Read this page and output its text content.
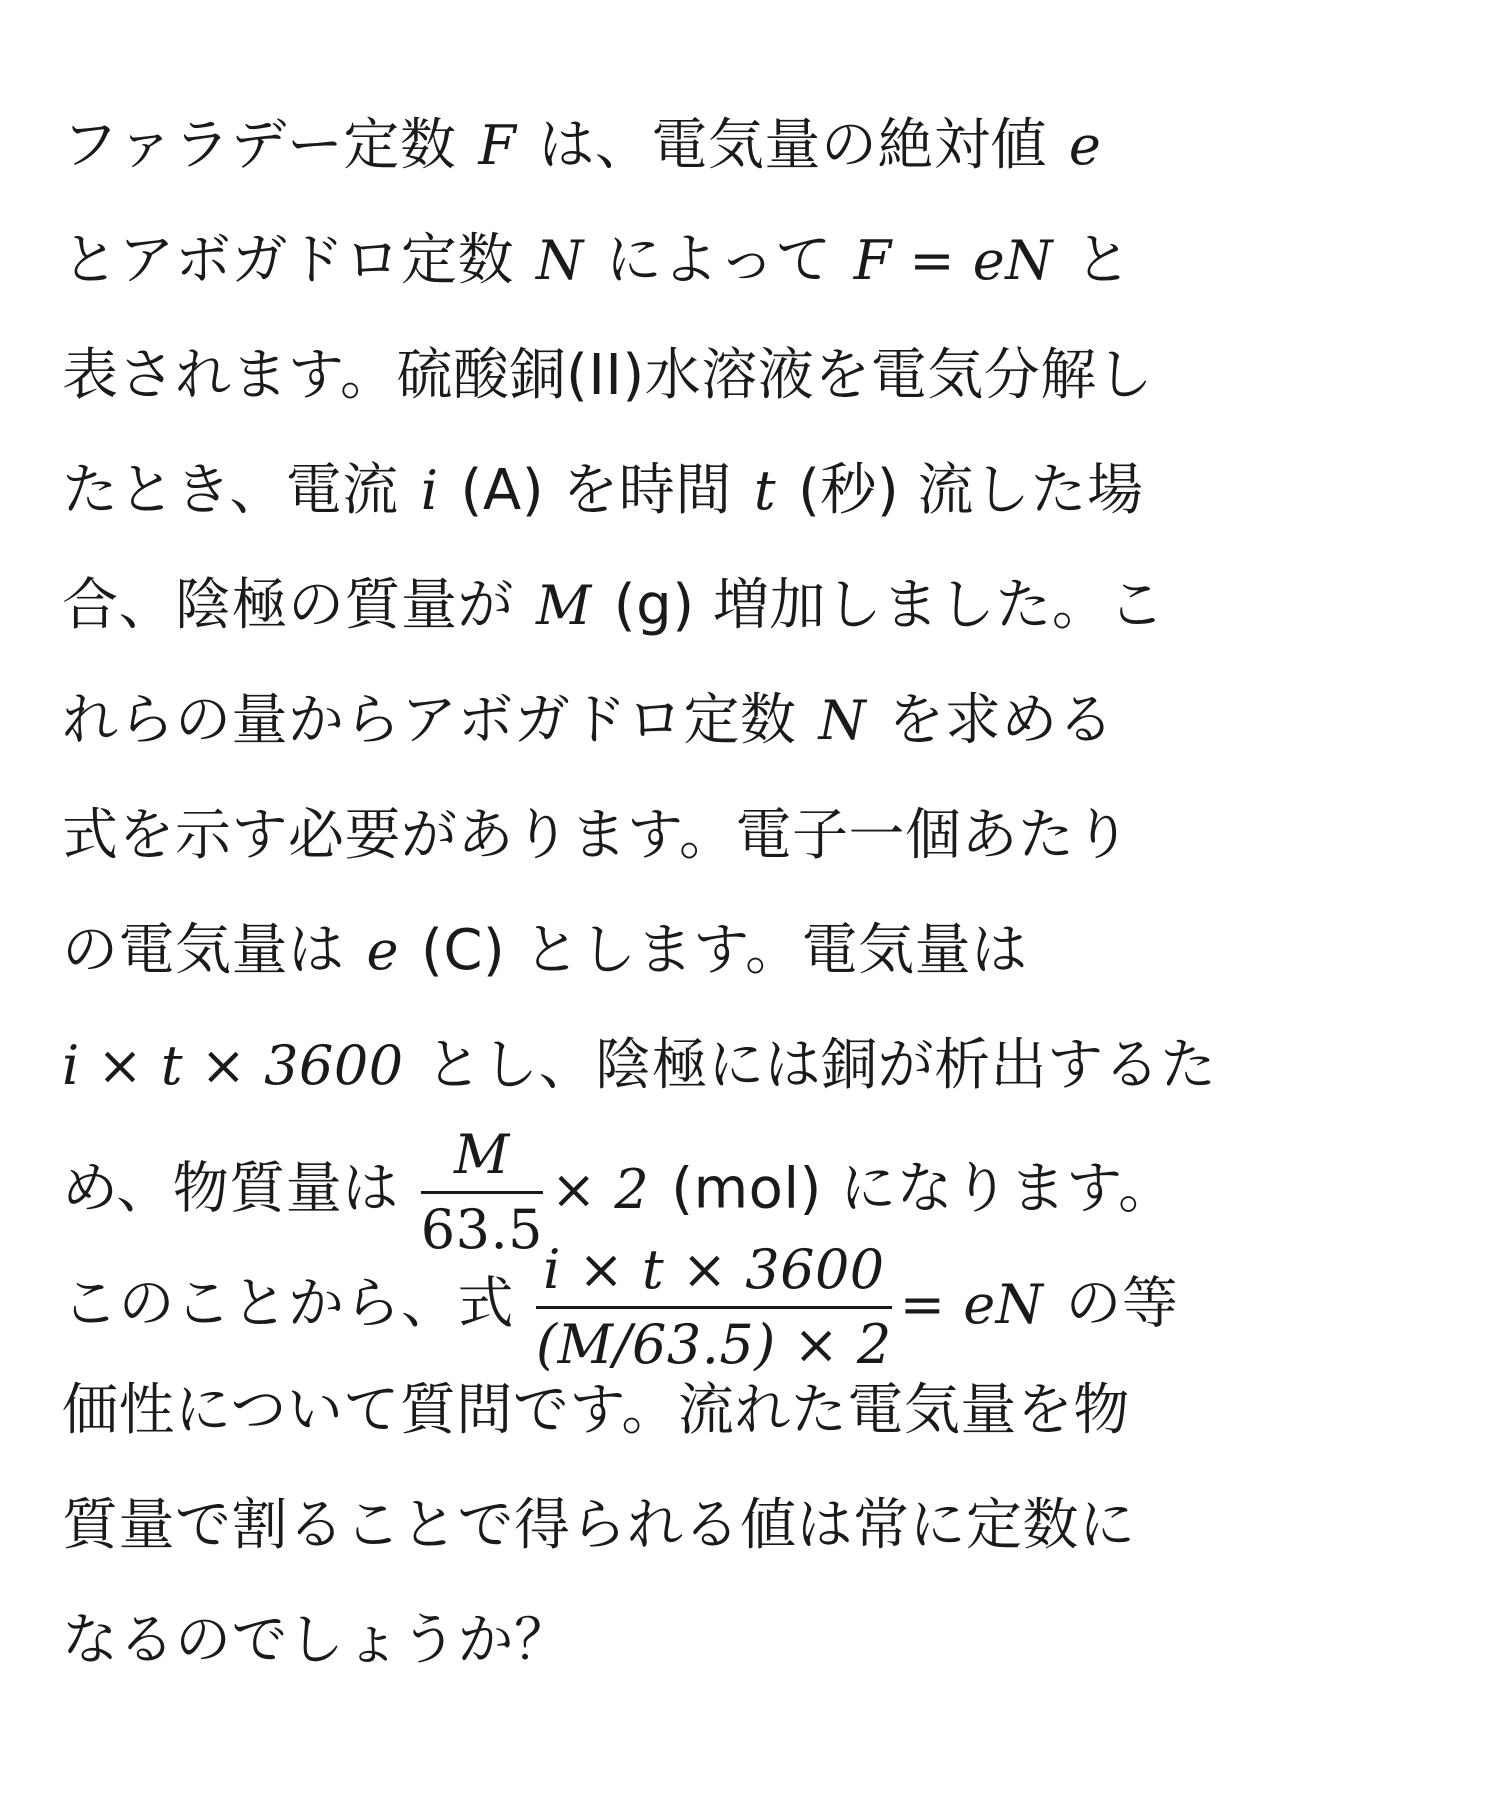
ファラデー定数 F は、電気量の絶対値 e
とアボガドロ定数 N によって F = eN と
表されます。硫酸銅(II)水溶液を電気分解し
たとき、電流 i (A) を時間 t (秒) 流した場
合、陰極の質量が M (g) 増加しました。こ
れらの量からアボガドロ定数 N を求める
式を示す必要があります。電子一個あたり
の電気量は e (C) とします。電気量は
i × t × 3600 とし、陰極には銅が析出するた
め、物質量は $\frac{M}{63.5} \times 2$ (mol) になります。
このことから、式 $\frac{i \times t \times 3600}{(M/63.5) \times 2}$ = eN の等
価性について質問です。流れた電気量を物
質量で割ることで得られる値は常に定数に
なるのでしょうか？
